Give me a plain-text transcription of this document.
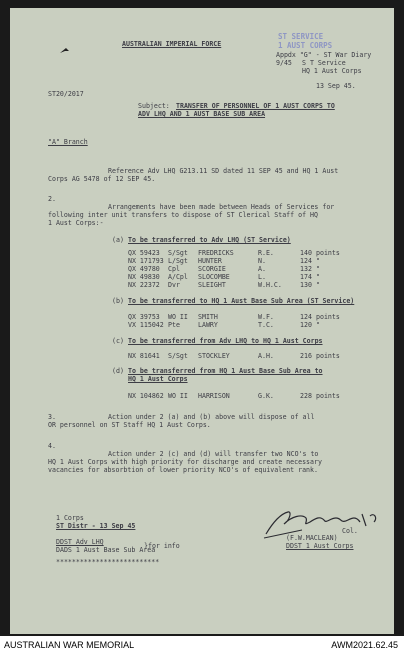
AUSTRALIAN IMPERIAL FORCE
ST SERVICE
1 AUST CORPS
Appdx "G" - ST War Diary
9/45 S T Service
HQ 1 Aust Corps
13 Sep 45.
ST20/2017
Subject: TRANSFER OF PERSONNEL OF 1 AUST CORPS TO
ADV LHQ AND 1 AUST BASE SUB AREA
"A" Branch
Reference Adv LHQ G213.11 SD dated 11 SEP 45 and HQ 1 Aust
Corps AG 5478 of 12 SEP 45.
2.
Arrangements have been made between Heads of Services for
following inter unit transfers to dispose of ST Clerical Staff of HQ
1 Aust Corps:-
(a) To be transferred to Adv LHQ (ST Service)
QX 59423 S/Sgt FREDRICKS	R.E.	140 points
NX 171793 L/Sgt HUNTER	N.	124 "
QX 49780 Cpl	SCORGIE	A.	132 "
NX 49830 A/Cpl SLOCOMBE	L.	174 "
NX 22372 Dvr	SLEIGHT	W.H.C.	130 "
(b) To be transferred to HQ 1 Aust Base Sub Area (ST Service)
QX 39753 WO II SMITH	W.F.	124 points
VX 115042 Pte	LAWRY	T.C.	120 "
(c) To be transferred from Adv LHQ to HQ 1 Aust Corps
NX 81641 S/Sgt STOCKLEY	A.H.	216 points
(d) To be transferred from HQ 1 Aust Base Sub Area to
HQ 1 Aust Corps
NX 104862 WO II HARRISON	G.K.	228 points
3.	Action under 2 (a) and (b) above will dispose of all
OR personnel on ST Staff HQ 1 Aust Corps.
4.
Action under 2 (c) and (d) will transfer two NCO's to
HQ 1 Aust Corps with high priority for discharge and create necessary
vacancies for absorbtion of lower priority NCO's of equivalent rank.
Col.
(F.W.MACLEAN)
DDST 1 Aust Corps
1 Corps
ST Distr - 13 Sep 45
DDST Adv LHQ
DADS 1 Aust Base Sub Area
}for info
**************************
AUSTRALIAN WAR MEMORIAL	AWM2021.62.45
